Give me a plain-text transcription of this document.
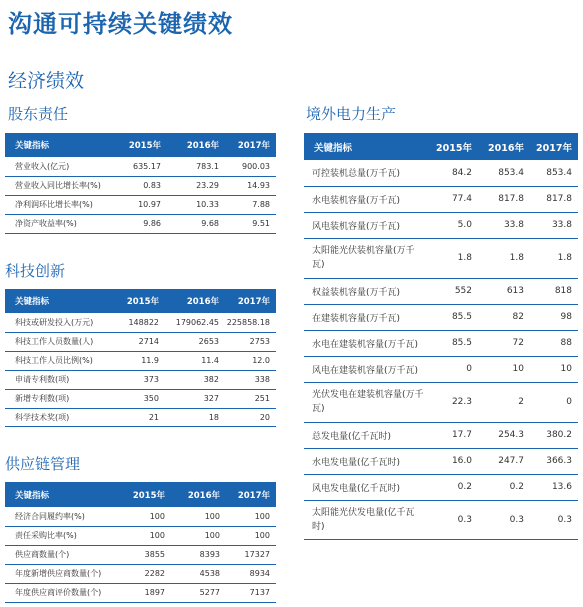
沟通可持续关键绩效
经济绩效
股东责任
关键指标	2015年	2016年	2017年
营业收入(亿元)	635.17	783.1	900.03
营业收入同比增长率(%)	0.83	23.29	14.93
净利润环比增长率(%)	10.97	10.33	7.88
净资产收益率(%)	9.86	9.68	9.51
科技创新
关键指标	2015年	2016年	2017年
科技或研发投入(万元)	148822	179062.45	225858.18
科技工作人员数量(人)	2714	2653	2753
科技工作人员比例(%)	11.9	11.4	12.0
申请专利数(项)	373	382	338
新增专利数(项)	350	327	251
科学技术奖(项)	21	18	20
供应链管理
关键指标	2015年	2016年	2017年
经济合同履约率(%)	100	100	100
责任采购比率(%)	100	100	100
供应商数量(个)	3855	8393	17327
年度新增供应商数量(个)	2282	4538	8934
年度供应商评价数量(个)	1897	5277	7137
境外电力生产
关键指标	2015年	2016年	2017年
可控装机总量(万千瓦)	84.2	853.4	853.4
水电装机容量(万千瓦)	77.4	817.8	817.8
风电装机容量(万千瓦)	5.0	33.8	33.8
太阳能光伏装机容量(万千瓦)	1.8	1.8	1.8
权益装机容量(万千瓦)	552	613	818
在建装机容量(万千瓦)	85.5	82	98
水电在建装机容量(万千瓦)	85.5	72	88
风电在建装机容量(万千瓦)	0	10	10
光伏发电在建装机容量(万千瓦)	22.3	2	0
总发电量(亿千瓦时)	17.7	254.3	380.2
水电发电量(亿千瓦时)	16.0	247.7	366.3
风电发电量(亿千瓦时)	0.2	0.2	13.6
太阳能光伏发电量(亿千瓦时)	0.3	0.3	0.3
